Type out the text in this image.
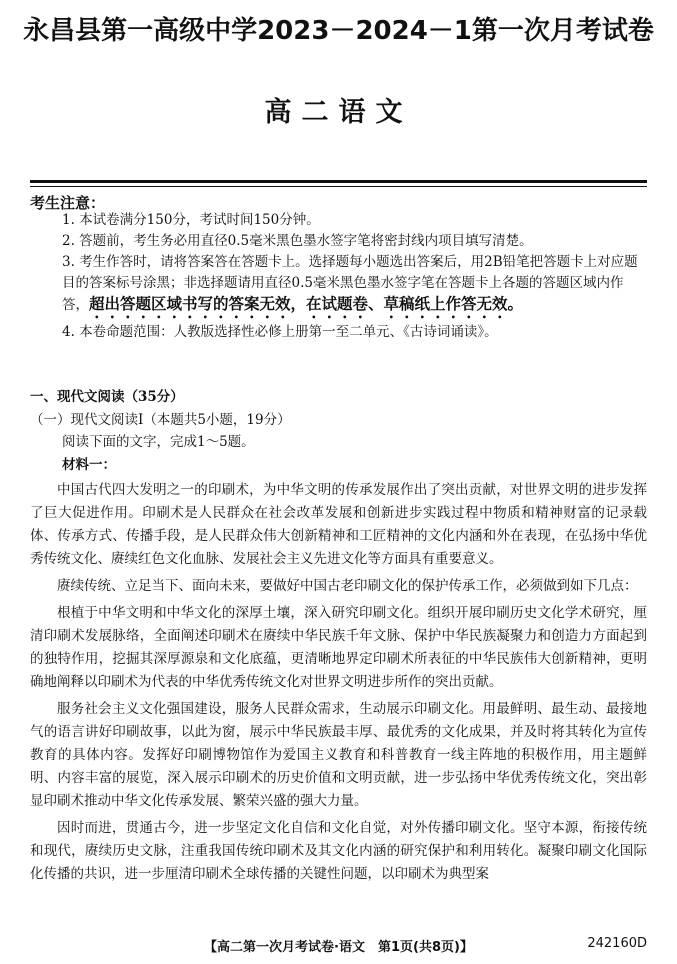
永昌县第一高级中学2023－2024－1第一次月考试卷
高二语文
考生注意：
1. 本试卷满分150分，考试时间150分钟。
2. 答题前，考生务必用直径0.5毫米黑色墨水签字笔将密封线内项目填写清楚。
3. 考生作答时，请将答案答在答题卡上。选择题每小题选出答案后，用2B铅笔把答题卡上对应题目的答案标号涂黑；非选择题请用直径0.5毫米黑色墨水签字笔在答题卡上各题的答题区域内作答，超出答题区域书写的答案无效，在试题卷、草稿纸上作答无效。
4. 本卷命题范围：人教版选择性必修上册第一至二单元、《古诗词诵读》。
一、现代文阅读（35分）
（一）现代文阅读Ⅰ（本题共5小题，19分）
阅读下面的文字，完成1～5题。
材料一：

中国古代四大发明之一的印刷术，为中华文明的传承发展作出了突出贡献，对世界文明的进步发挥了巨大促进作用。印刷术是人民群众在社会改革发展和创新进步实践过程中物质和精神财富的记录载体、传承方式、传播手段，是人民群众伟大创新精神和工匠精神的文化内涵和外在表现，在弘扬中华优秀传统文化、赓续红色文化血脉、发展社会主义先进文化等方面具有重要意义。

赓续传统、立足当下、面向未来，要做好中国古老印刷文化的保护传承工作，必须做到如下几点：

根植于中华文明和中华文化的深厚土壤，深入研究印刷文化。组织开展印刷历史文化学术研究，厘清印刷术发展脉络，全面阐述印刷术在赓续中华民族千年文脉、保护中华民族凝聚力和创造力方面起到的独特作用，挖掘其深厚源泉和文化底蕴，更清晰地界定印刷术所表征的中华民族伟大创新精神，更明确地阐释以印刷术为代表的中华优秀传统文化对世界文明进步所作的突出贡献。

服务社会主义文化强国建设，服务人民群众需求，生动展示印刷文化。用最鲜明、最生动、最接地气的语言讲好印刷故事，以此为窗，展示中华民族最丰厚、最优秀的文化成果，并及时将其转化为宣传教育的具体内容。发挥好印刷博物馆作为爱国主义教育和科普教育一线主阵地的积极作用，用主题鲜明、内容丰富的展览，深入展示印刷术的历史价值和文明贡献，进一步弘扬中华优秀传统文化，突出彰显印刷术推动中华文化传承发展、繁荣兴盛的强大力量。

因时而进，贯通古今，进一步坚定文化自信和文化自觉，对外传播印刷文化。坚守本源，衔接传统和现代，赓续历史文脉，注重我国传统印刷术及其文化内涵的研究保护和利用转化。凝聚印刷文化国际化传播的共识，进一步厘清印刷术全球传播的关键性问题，以印刷术为典型案

【高二第一次月考试卷·语文　第1页(共8页)】	242160D
